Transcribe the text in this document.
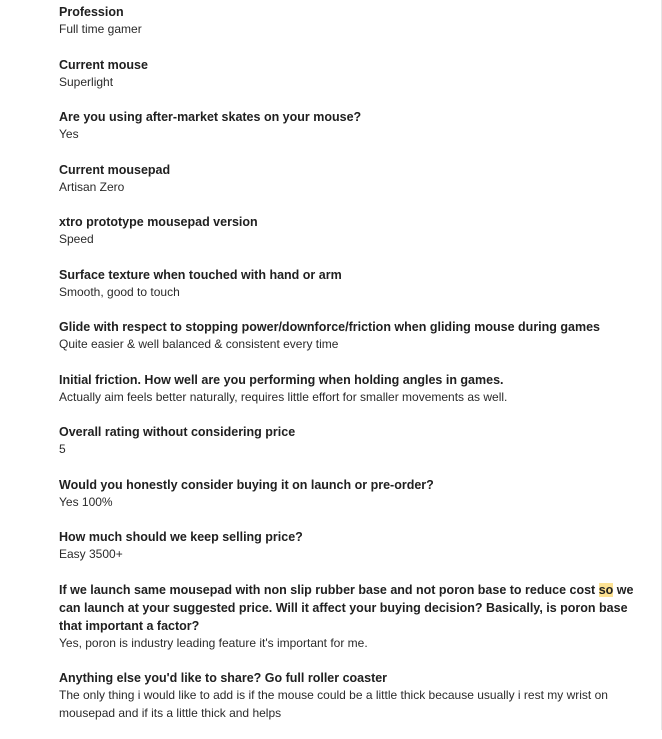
Profession
Full time gamer
Current mouse
Superlight
Are you using after-market skates on your mouse?
Yes
Current mousepad
Artisan Zero
xtro prototype mousepad version
Speed
Surface texture when touched with hand or arm
Smooth, good to touch
Glide with respect to stopping power/downforce/friction when gliding mouse during games
Quite easier & well balanced & consistent every time
Initial friction. How well are you performing when holding angles in games.
Actually aim feels better naturally, requires little effort for smaller movements as well.
Overall rating without considering price
5
Would you honestly consider buying it on launch or pre-order?
Yes 100%
How much should we keep selling price?
Easy 3500+
If we launch same mousepad with non slip rubber base and not poron base to reduce cost so we can launch at your suggested price. Will it affect your buying decision? Basically, is poron base that important a factor?
Yes, poron is industry leading feature it's important for me.
Anything else you'd like to share? Go full roller coaster
The only thing i would like to add is if the mouse could be a little thick because usually i rest my wrist on mousepad and if its a little thick and helps
